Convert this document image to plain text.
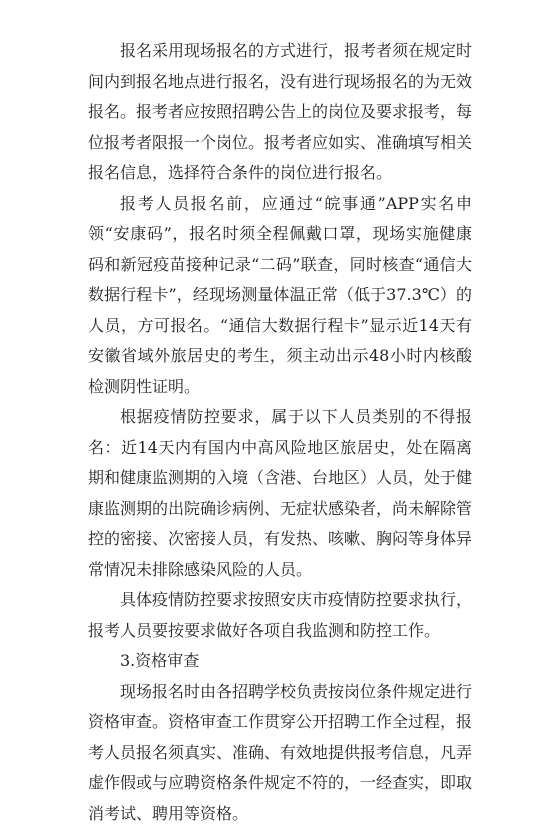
报名采用现场报名的方式进行，报考者须在规定时间内到报名地点进行报名，没有进行现场报名的为无效报名。报考者应按照招聘公告上的岗位及要求报考，每位报考者限报一个岗位。报考者应如实、准确填写相关报名信息，选择符合条件的岗位进行报名。

报考人员报名前，应通过“皖事通”APP实名申领“安康码”，报名时须全程佩戴口罩，现场实施健康码和新冠疫苗接种记录“二码”联查，同时核查“通信大数据行程卡”，经现场测量体温正常（低于37.3℃）的人员，方可报名。“通信大数据行程卡”显示近14天有安徽省域外旅居史的考生，须主动出示48小时内核酸检测阴性证明。

根据疫情防控要求，属于以下人员类别的不得报名：近14天内有国内中高风险地区旅居史，处在隔离期和健康监测期的入境（含港、台地区）人员，处于健康监测期的出院确诊病例、无症状感染者，尚未解除管控的密接、次密接人员，有发热、咳嗽、胸闷等身体异常情况未排除感染风险的人员。

具体疫情防控要求按照安庆市疫情防控要求执行，报考人员要按要求做好各项自我监测和防控工作。

3.资格审查

现场报名时由各招聘学校负责按岗位条件规定进行资格审查。资格审查工作贯穿公开招聘工作全过程，报考人员报名须真实、准确、有效地提供报考信息，凡弄虚作假或与应聘资格条件规定不符的，一经查实，即取消考试、聘用等资格。
